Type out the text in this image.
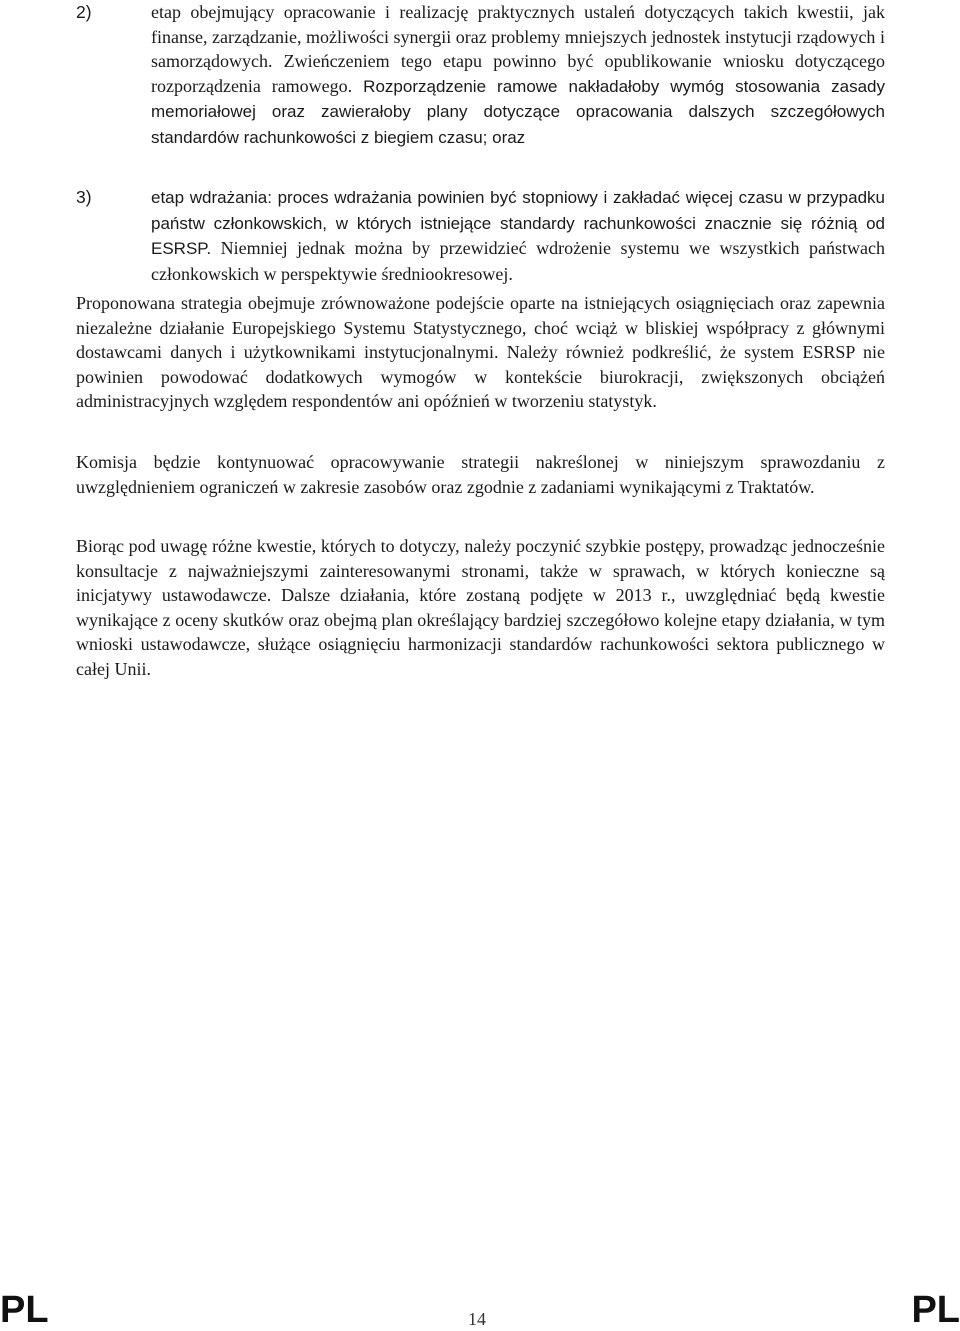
2)	etap obejmujący opracowanie i realizację praktycznych ustaleń dotyczących takich kwestii, jak finanse, zarządzanie, możliwości synergii oraz problemy mniejszych jednostek instytucji rządowych i samorządowych. Zwieńczeniem tego etapu powinno być opublikowanie wniosku dotyczącego rozporządzenia ramowego. Rozporządzenie ramowe nakładałoby wymóg stosowania zasady memoriałowej oraz zawierałoby plany dotyczące opracowania dalszych szczegółowych standardów rachunkowości z biegiem czasu; oraz
3)	etap wdrażania: proces wdrażania powinien być stopniowy i zakładać więcej czasu w przypadku państw członkowskich, w których istniejące standardy rachunkowości znacznie się różnią od ESRSP. Niemniej jednak można by przewidzieć wdrożenie systemu we wszystkich państwach członkowskich w perspektywie średniookresowej.

Proponowana strategia obejmuje zrównoważone podejście oparte na istniejących osiągnięciach oraz zapewnia niezależne działanie Europejskiego Systemu Statystycznego, choć wciąż w bliskiej współpracy z głównymi dostawcami danych i użytkownikami instytucjonalnymi. Należy również podkreślić, że system ESRSP nie powinien powodować dodatkowych wymogów w kontekście biurokracji, zwiększonych obciążeń administracyjnych względem respondentów ani opóźnień w tworzeniu statystyk.

Komisja będzie kontynuować opracowywanie strategii nakreślonej w niniejszym sprawozdaniu z uwzględnieniem ograniczeń w zakresie zasobów oraz zgodnie z zadaniami wynikającymi z Traktatów.

Biorąc pod uwagę różne kwestie, których to dotyczy, należy poczynić szybkie postępy, prowadząc jednocześnie konsultacje z najważniejszymi zainteresowanymi stronami, także w sprawach, w których konieczne są inicjatywy ustawodawcze. Dalsze działania, które zostaną podjęte w 2013 r., uwzględniać będą kwestie wynikające z oceny skutków oraz obejmą plan określający bardziej szczegółowo kolejne etapy działania, w tym wnioski ustawodawcze, służące osiągnięciu harmonizacji standardów rachunkowości sektora publicznego w całej Unii.

PL	14	PL
